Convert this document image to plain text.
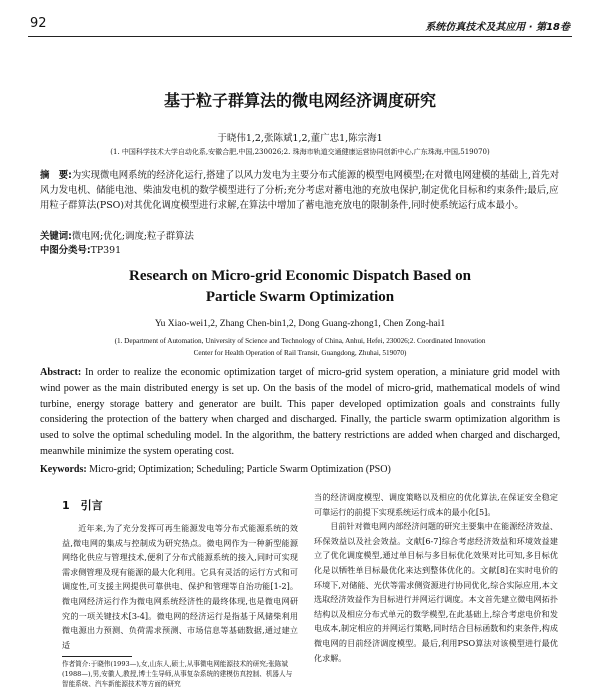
92	系统仿真技术及其应用 · 第18卷
基于粒子群算法的微电网经济调度研究
于晓伟1,2,张陈斌1,2,董广忠1,陈宗海1
(1. 中国科学技术大学自动化系,安徽合肥,中国,230026;2. 珠海市轨道交通健康运营协同创新中心,广东珠海,中国,519070)
摘　要:为实现微电网系统的经济化运行,搭建了以风力发电为主要分布式能源的模型电网模型;在对微电网建模的基础上,首先对风力发电机、储能电池、柴油发电机的数学模型进行了分析;充分考虑对蓄电池的充放电保护,制定优化目标和约束条件;最后,应用粒子群算法(PSO)对其优化调度模型进行求解,在算法中增加了蓄电池充放电的限制条件,同时使系统运行成本最小。
关键词:微电网;优化;调度;粒子群算法
中图分类号:TP391
Research on Micro-grid Economic Dispatch Based on
Particle Swarm Optimization
Yu Xiao-wei1,2, Zhang Chen-bin1,2, Dong Guang-zhong1, Chen Zong-hai1
(1. Department of Automation, University of Science and Technology of China, Anhui, Hefei, 230026;2. Coordinated Innovation
Center for Health Operation of Rail Transit, Guangdong, Zhuhai, 519070)
Abstract: In order to realize the economic optimization target of micro-grid system operation, a miniature grid model with wind power as the main distributed energy is set up. On the basis of the model of micro-grid, mathematical models of wind turbine, energy storage battery and generator are built. This paper developed optimization goals and constraints fully considering the protection of the battery when charged and discharged. Finally, the particle swarm optimization algorithm is used to solve the optimal scheduling model. In the algorithm, the battery restrictions are added when charged and discharged, meanwhile minimize the system operating cost.
Keywords: Micro-grid; Optimization; Scheduling; Particle Swarm Optimization (PSO)
1　引言

近年来,为了充分发挥可再生能源发电等分布式能源系统的效益,微电网的集成与控制成为研究热点。微电网作为一种新型能源网络化供应与管理技术,便利了分布式能源系统的接入,同时可实现需求侧管理及现有能源的最大化利用。它具有灵活的运行方式和可调度性,可支援主网提供可靠供电、保护和管理等自治功能[1-2]。微电网经济运行作为微电网系统经济性的最终体现,也是微电网研究的一项关键技术[3-4]。微电网的经济运行是指基于风储柴利用微电源出力预测、负荷需求预测、市场信息等基础数据,通过建立适

当的经济调度模型、调度策略以及相应的优化算法,在保证安全稳定可靠运行的前提下实现系统运行成本的最小化[5]。

目前针对微电网内部经济问题的研究主要集中在能源经济效益、环保效益以及社会效益。文献[6-7]综合考虑经济效益和环境效益建立了优化调度模型,通过单目标与多目标优化效果对比可知,多目标优化是以牺牲单目标最优化来达到整体优化的。文献[8]在实时电价的环境下,对储能、光伏等需求侧资源进行协同优化,综合实际应用,本文选取经济效益作为目标进行并网运行调度。本文首先建立微电网拓扑结构以及相应分布式单元的数学模型,在此基础上,综合考虑电价和发电成本,制定相应的并网运行策略,同时结合目标函数和约束条件,构成微电网的目前经济调度模型。最后,利用PSO算法对该模型进行最优化求解。

作者简介:于晓伟(1993—),女,山东人,硕士,从事微电网能源技术的研究;张陈斌(1988—),男,安徽人,教授,博士生导师,从事复杂系统的建模仿真控制、机器人与智能系统、汽车新能源技术等方面的研究
